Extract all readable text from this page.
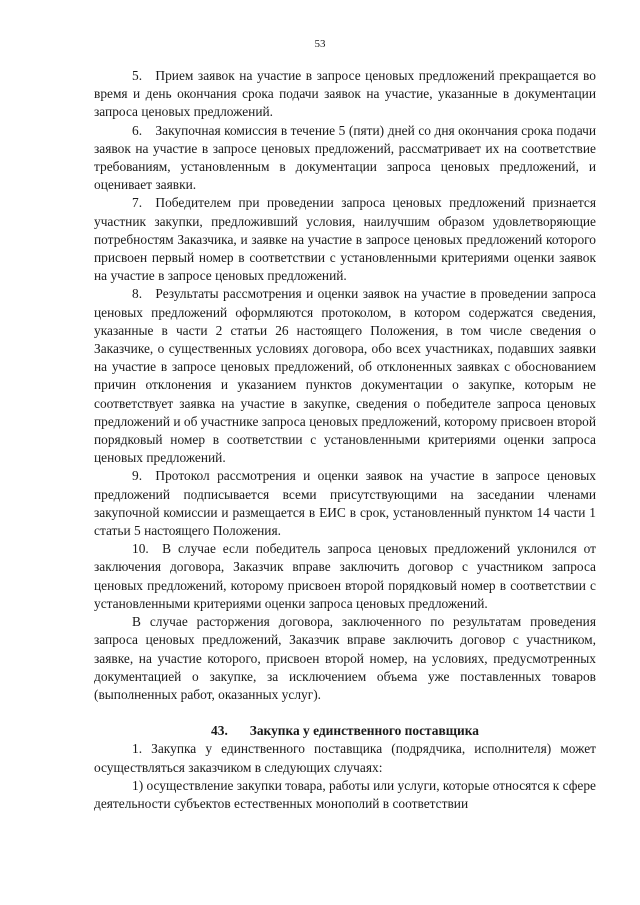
53

5. Прием заявок на участие в запросе ценовых предложений прекращается во время и день окончания срока подачи заявок на участие, указанные в документации запроса ценовых предложений.

6. Закупочная комиссия в течение 5 (пяти) дней со дня окончания срока подачи заявок на участие в запросе ценовых предложений, рассматривает их на соответствие требованиям, установленным в документации запроса ценовых предложений, и оценивает заявки.

7. Победителем при проведении запроса ценовых предложений признается участник закупки, предложивший условия, наилучшим образом удовлетворяющие потребностям Заказчика, и заявке на участие в запросе ценовых предложений которого присвоен первый номер в соответствии с установленными критериями оценки заявок на участие в запросе ценовых предложений.

8. Результаты рассмотрения и оценки заявок на участие в проведении запроса ценовых предложений оформляются протоколом, в котором содержатся сведения, указанные в части 2 статьи 26 настоящего Положения, в том числе сведения о Заказчике, о существенных условиях договора, обо всех участниках, подавших заявки на участие в запросе ценовых предложений, об отклоненных заявках с обоснованием причин отклонения и указанием пунктов документации о закупке, которым не соответствует заявка на участие в закупке, сведения о победителе запроса ценовых предложений и об участнике запроса ценовых предложений, которому присвоен второй порядковый номер в соответствии с установленными критериями оценки запроса ценовых предложений.

9. Протокол рассмотрения и оценки заявок на участие в запросе ценовых предложений подписывается всеми присутствующими на заседании членами закупочной комиссии и размещается в ЕИС в срок, установленный пунктом 14 части 1 статьи 5 настоящего Положения.

10. В случае если победитель запроса ценовых предложений уклонился от заключения договора, Заказчик вправе заключить договор с участником запроса ценовых предложений, которому присвоен второй порядковый номер в соответствии с установленными критериями оценки запроса ценовых предложений.

В случае расторжения договора, заключенного по результатам проведения запроса ценовых предложений, Заказчик вправе заключить договор с участником, заявке, на участие которого, присвоен второй номер, на условиях, предусмотренных документацией о закупке, за исключением объема уже поставленных товаров (выполненных работ, оказанных услуг).

43. Закупка у единственного поставщика

1. Закупка у единственного поставщика (подрядчика, исполнителя) может осуществляться заказчиком в следующих случаях:

1) осуществление закупки товара, работы или услуги, которые относятся к сфере деятельности субъектов естественных монополий в соответствии
